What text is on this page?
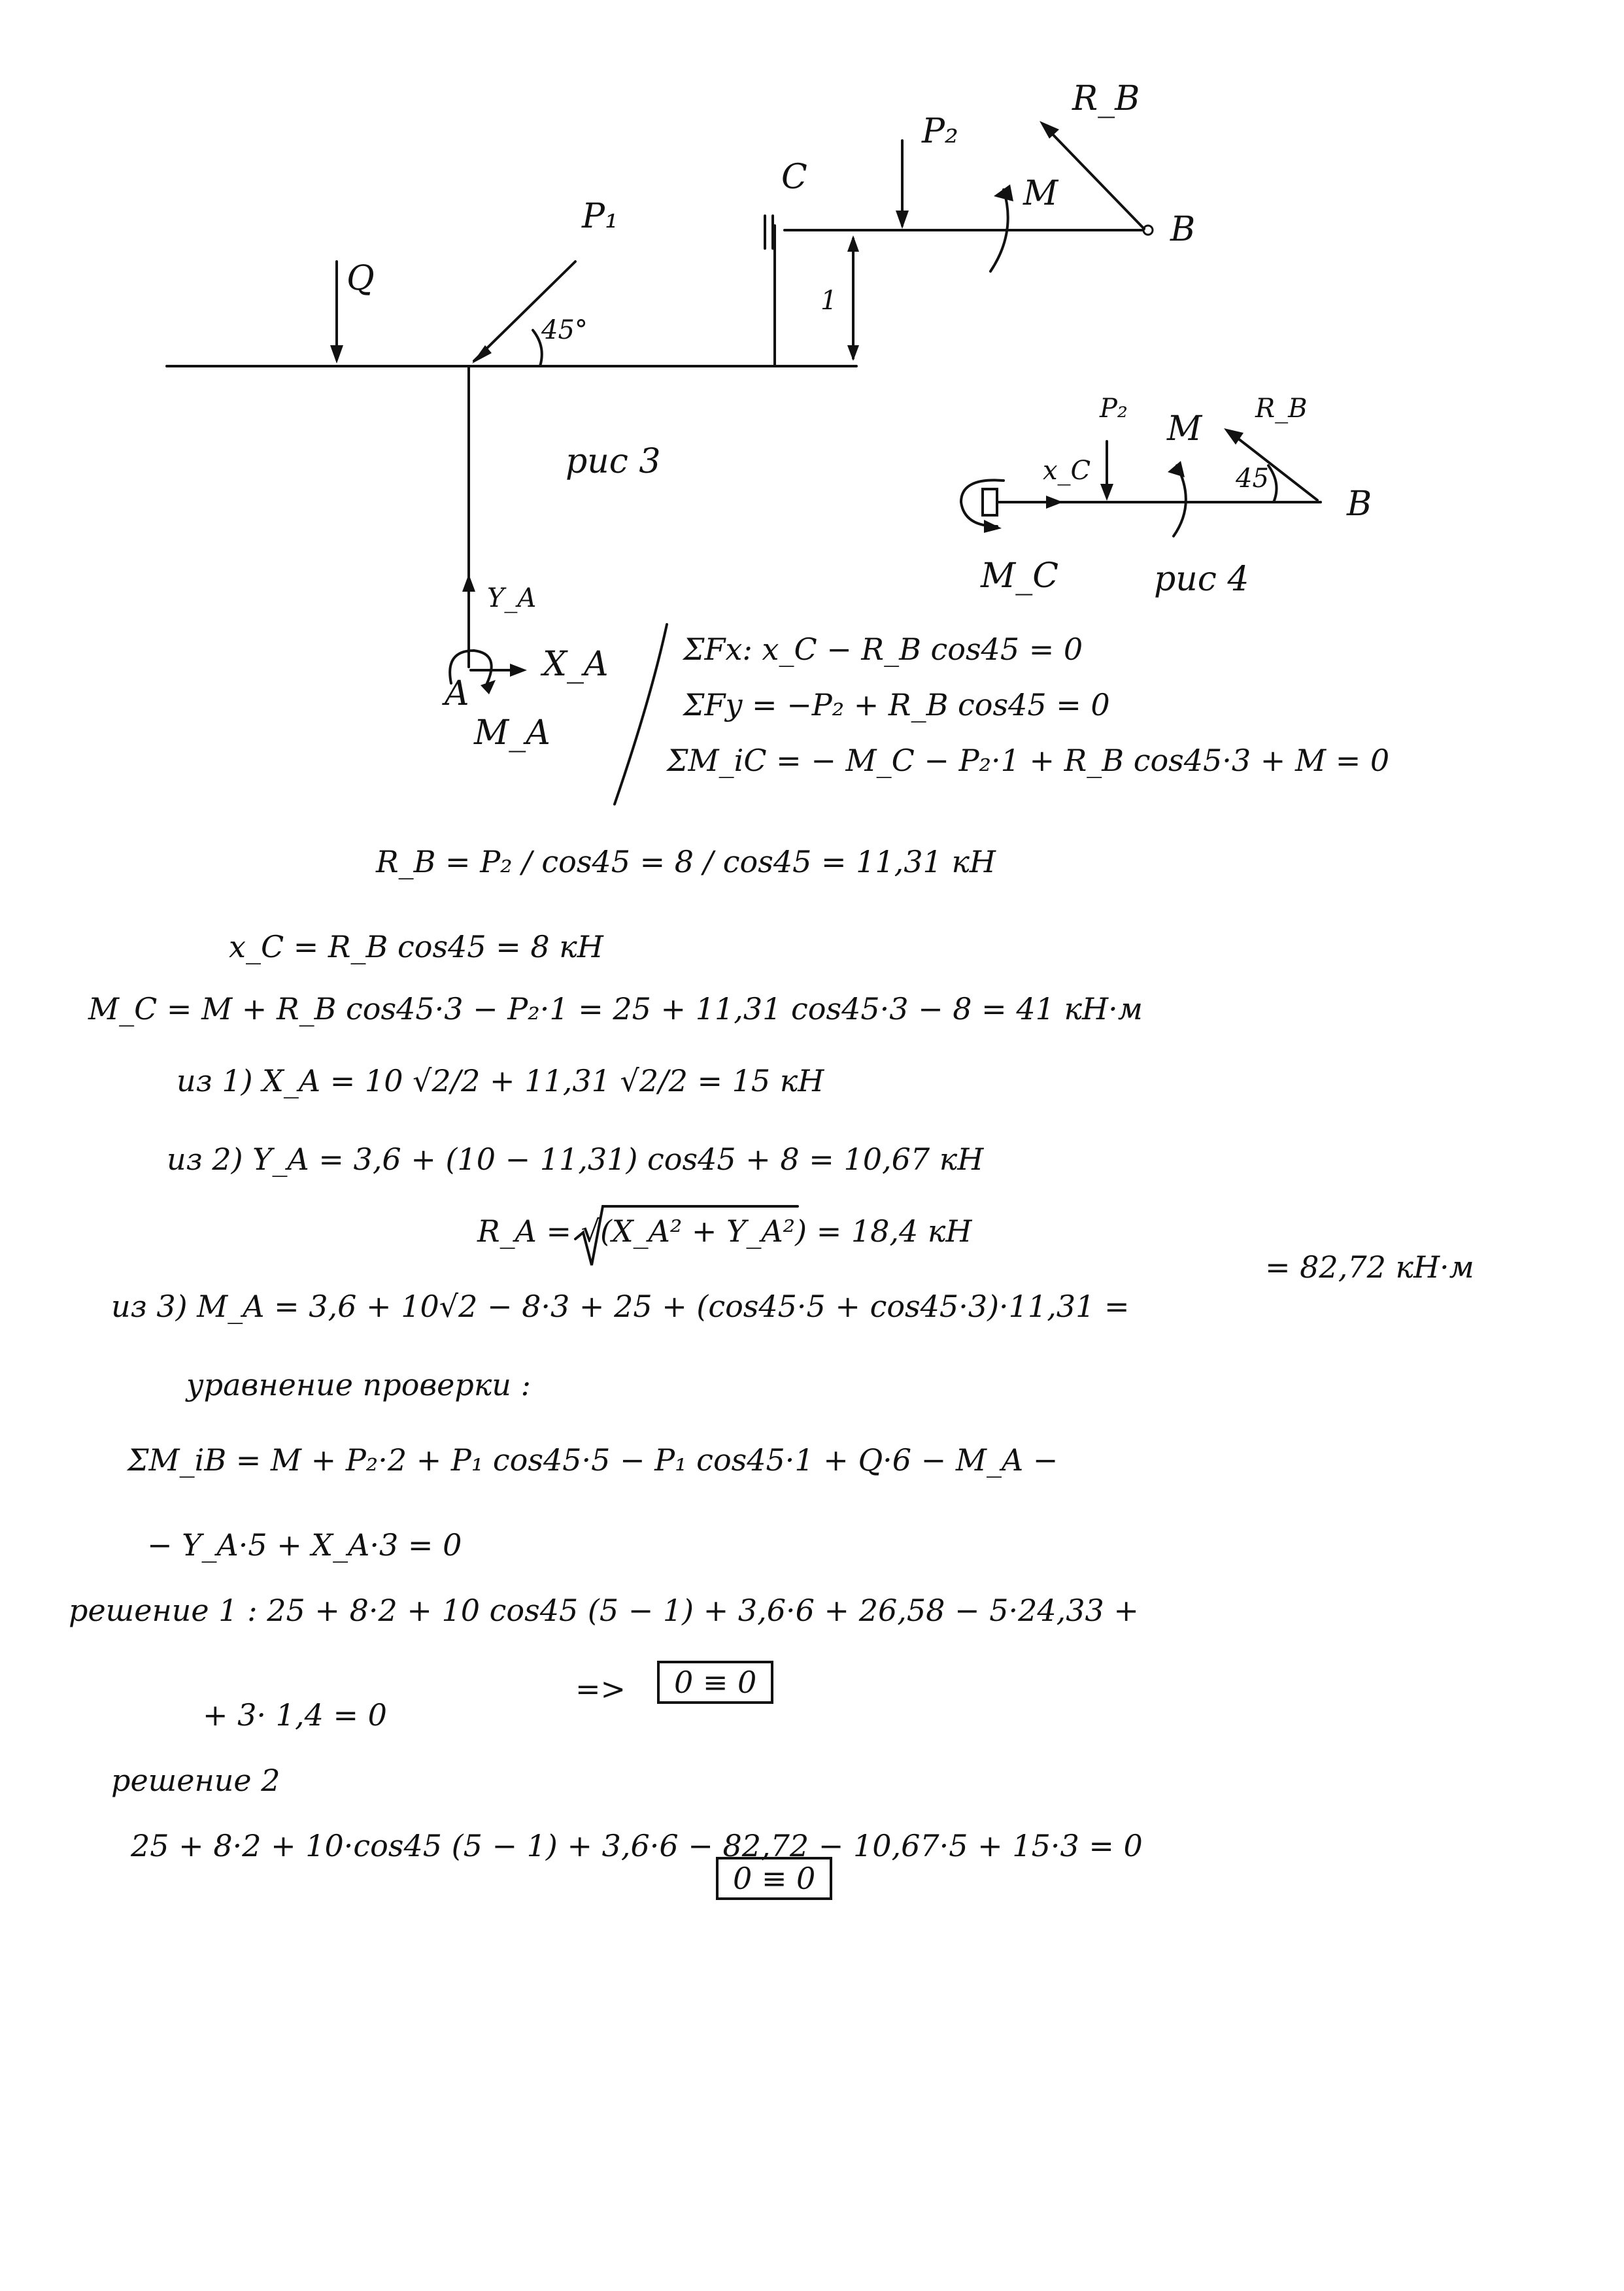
Q
P₁
45°
C
P₂
M
R_B
B
1
Y_A
X_A
A
M_A
рис 3
P₂
M
R_B
45
x_C
B
M_C	рис 4
ΣFx: x_C − R_B cos45 = 0
ΣFy = −P₂ + R_B cos45 = 0
ΣM_iC = − M_C − P₂·1 + R_B cos45·3 + M = 0
R_B = P₂ / cos45 = 8 / cos45 = 11,31 кН
x_C = R_B cos45 = 8 кН
M_C = M + R_B cos45·3 − P₂·1 = 25 + 11,31 cos45·3 − 8 = 41 кН·м
из 1) X_A = 10 √2/2 + 11,31 √2/2 = 15 кН
из 2) Y_A = 3,6 + (10 − 11,31) cos45 + 8 = 10,67 кН
R_A = √(X_A² + Y_A²) = 18,4 кН
из 3) M_A = 3,6 + 10√2 − 8·3 + 25 + (cos45·5 + cos45·3)·11,31 =
= 82,72 кН·м
уравнение проверки :
ΣM_iB = M + P₂·2 + P₁ cos45·5 − P₁ cos45·1 + Q·6 − M_A −
− Y_A·5 + X_A·3 = 0
решение 1 : 25 + 8·2 + 10 cos45 (5 − 1) + 3,6·6 + 26,58 − 5·24,33 +
+ 3· 1,4 = 0
=>	0 ≡ 0
решение 2
25 + 8·2 + 10·cos45 (5 − 1) + 3,6·6 − 82,72 − 10,67·5 + 15·3 = 0
0 ≡ 0
